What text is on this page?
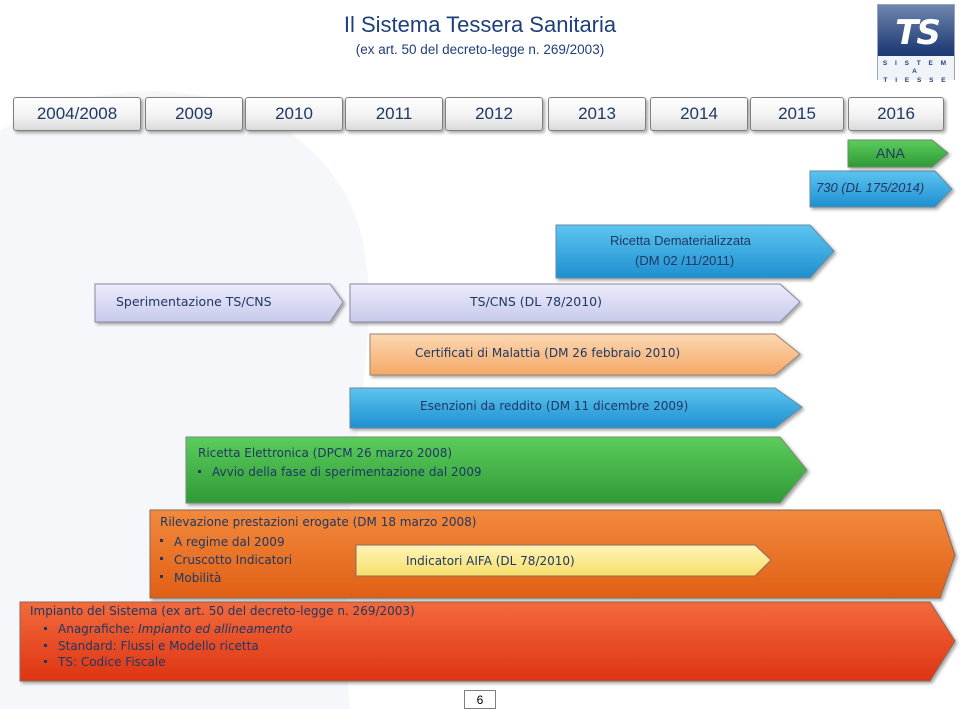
Il Sistema Tessera Sanitaria
(ex art. 50 del decreto-legge n. 269/2003)	TS
S I S T E M A
T I E S S E
2004/2008	2009	2010	2011	2012	2013	2014	2015	2016
ANA
730 (DL 175/2014)
Ricetta Dematerializzata
(DM 02 /11/2011)
Sperimentazione TS/CNS	TS/CNS (DL 78/2010)
Certificati di Malattia (DM 26 febbraio 2010)
Esenzioni da reddito (DM 11 dicembre 2009)
Ricetta Elettronica (DPCM 26 marzo 2008)
Avvio della fase di sperimentazione dal 2009
Rilevazione prestazioni erogate (DM 18 marzo 2008)
A regime dal 2009
Cruscotto Indicatori
Mobilità
Indicatori AIFA (DL 78/2010)
Impianto del Sistema (ex art. 50 del decreto-legge n. 269/2003)
Anagrafiche: Impianto ed allineamento
Standard: Flussi e Modello ricetta
TS: Codice Fiscale
6
